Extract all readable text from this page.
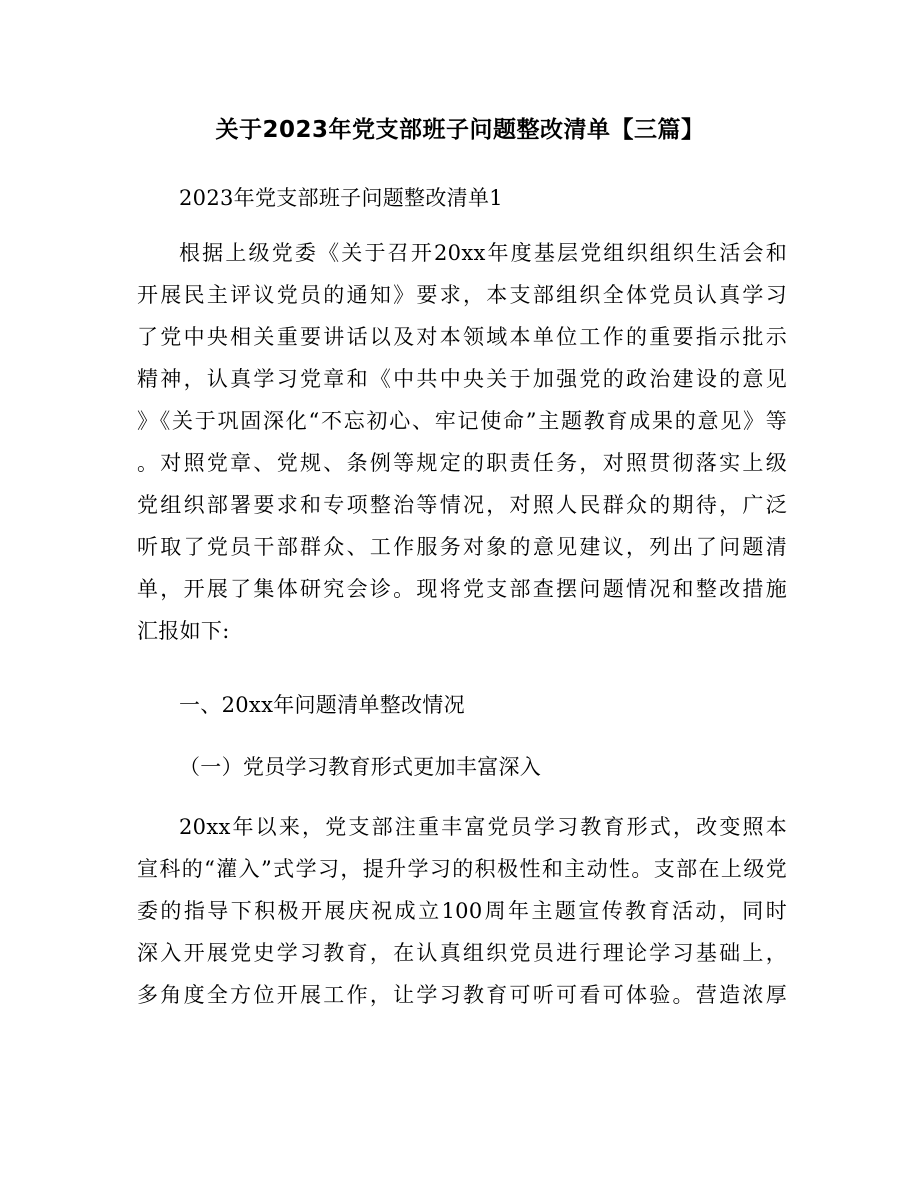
关于2023年党支部班子问题整改清单【三篇】
2023年党支部班子问题整改清单1
根据上级党委《关于召开20xx年度基层党组织组织生活会和
开展民主评议党员的通知》要求，本支部组织全体党员认真学习
了党中央相关重要讲话以及对本领域本单位工作的重要指示批示
精神，认真学习党章和《中共中央关于加强党的政治建设的意见
》《关于巩固深化“不忘初心、牢记使命”主题教育成果的意见》等
。对照党章、党规、条例等规定的职责任务，对照贯彻落实上级
党组织部署要求和专项整治等情况，对照人民群众的期待，广泛
听取了党员干部群众、工作服务对象的意见建议，列出了问题清
单，开展了集体研究会诊。现将党支部查摆问题情况和整改措施
汇报如下:
一、20xx年问题清单整改情况
（一）党员学习教育形式更加丰富深入
20xx年以来，党支部注重丰富党员学习教育形式，改变照本
宣科的“灌入”式学习，提升学习的积极性和主动性。支部在上级党
委的指导下积极开展庆祝成立100周年主题宣传教育活动，同时
深入开展党史学习教育，在认真组织党员进行理论学习基础上，
多角度全方位开展工作，让学习教育可听可看可体验。营造浓厚
